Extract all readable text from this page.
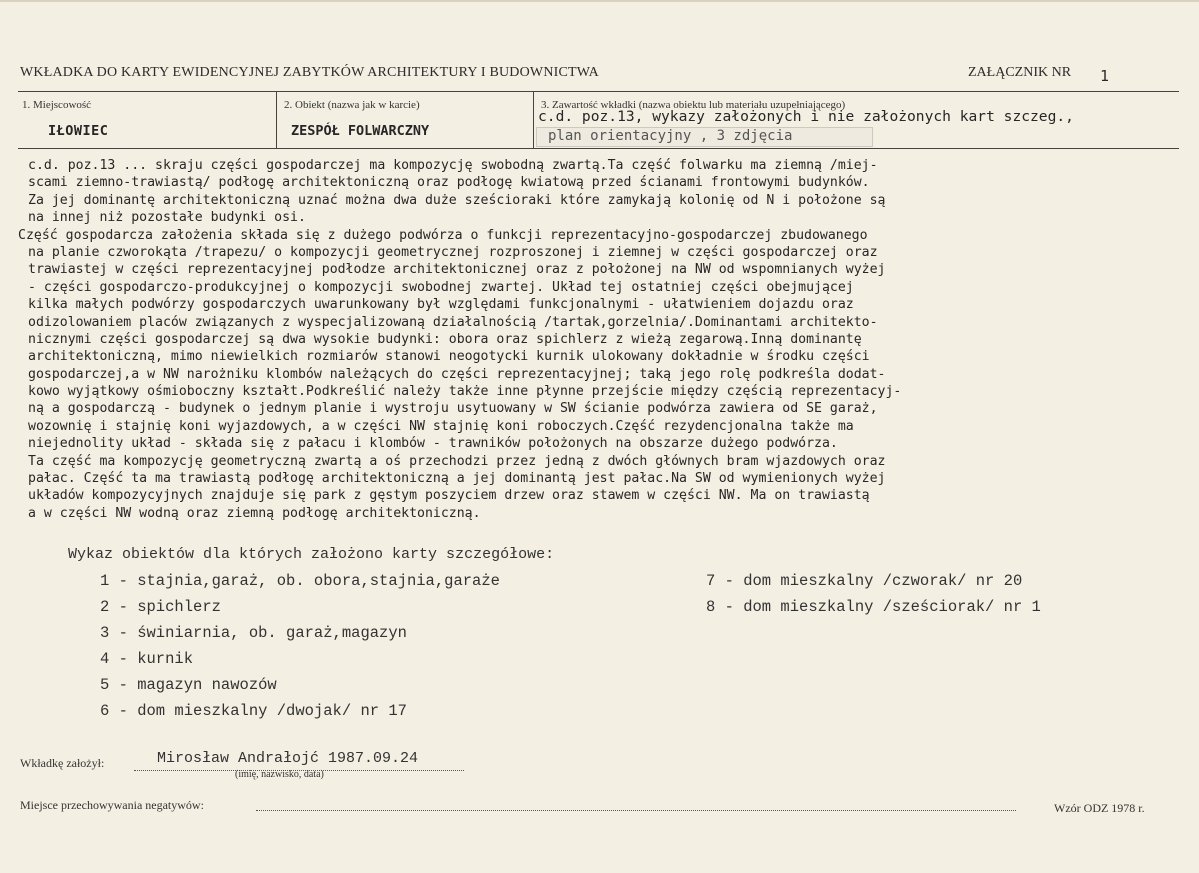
WKŁADKA DO KARTY EWIDENCYJNEJ ZABYTKÓW ARCHITEKTURY I BUDOWNICTWA	ZAŁĄCZNIK NR 1
1. Miejscowość
IŁOWIEC
2. Obiekt (nazwa jak w karcie)
ZESPÓŁ FOLWARCZNY
3. Zawartość wkładki (nazwa obiektu lub materiału uzupełniającego)
c.d. poz.13, wykazy założonych i nie założonych kart szczeg.,
plan orientacyjny , 3 zdjęcia
c.d. poz.13 ... skraju części gospodarczej ma kompozycję swobodną zwartą.Ta część folwarku ma ziemną /miej-
scami ziemno-trawiastą/ podłogę architektoniczną oraz podłogę kwiatową przed ścianami frontowymi budynków.
Za jej dominantę architektoniczną uznać można dwa duże sześcioraki które zamykają kolonię od N i położone są
na innej niż pozostałe budynki osi.
Część gospodarcza założenia składa się z dużego podwórza o funkcji reprezentacyjno-gospodarczej zbudowanego
na planie czworokąta /trapezu/ o kompozycji geometrycznej rozproszonej i ziemnej w części gospodarczej oraz
trawiastej w części reprezentacyjnej podłodze architektonicznej oraz z położonej na NW od wspomnianych wyżej
- części gospodarczo-produkcyjnej o kompozycji swobodnej zwartej. Układ tej ostatniej części obejmującej
kilka małych podwórzy gospodarczych uwarunkowany był względami funkcjonalnymi - ułatwieniem dojazdu oraz
odizolowaniem placów związanych z wyspecjalizowaną działalnością /tartak,gorzelnia/.Dominantami architekto-
nicznymi części gospodarczej są dwa wysokie budynki: obora oraz spichlerz z wieżą zegarową.Inną dominantę
architektoniczną, mimo niewielkich rozmiarów stanowi neogotycki kurnik ulokowany dokładnie w środku części
gospodarczej,a w NW narożniku klombów należących do części reprezentacyjnej; taką jego rolę podkreśla dodat-
kowo wyjątkowy ośmioboczny kształt.Podkreślić należy także inne płynne przejście między częścią reprezentacyj-
ną a gospodarczą - budynek o jednym planie i wystroju usytuowany w SW ścianie podwórza zawiera od SE garaż,
wozownię i stajnię koni wyjazdowych, a w części NW stajnię koni roboczych.Część rezydencjonalna także ma
niejednolity układ - składa się z pałacu i klombów - trawników położonych na obszarze dużego podwórza.
Ta część ma kompozycję geometryczną zwartą a oś przechodzi przez jedną z dwóch głównych bram wjazdowych oraz
pałac. Część ta ma trawiastą podłogę architektoniczną a jej dominantą jest pałac.Na SW od wymienionych wyżej
układów kompozycyjnych znajduje się park z gęstym poszyciem drzew oraz stawem w części NW. Ma on trawiastą
a w części NW wodną oraz ziemną podłogę architektoniczną.
Wykaz obiektów dla których założono karty szczegółowe:
1 - stajnia,garaż, ob. obora,stajnia,garaże
2 - spichlerz
3 - świniarnia, ob. garaż,magazyn
4 - kurnik
5 - magazyn nawozów
6 - dom mieszkalny /dwojak/ nr 17
7 - dom mieszkalny /czworak/ nr 20
8 - dom mieszkalny /sześciorak/ nr 1
Wkładkę założył:	Mirosław Andrałojć 1987.09.24
(imię, nazwisko, data)
Miejsce przechowywania negatywów:	Wzór ODZ 1978 r.
